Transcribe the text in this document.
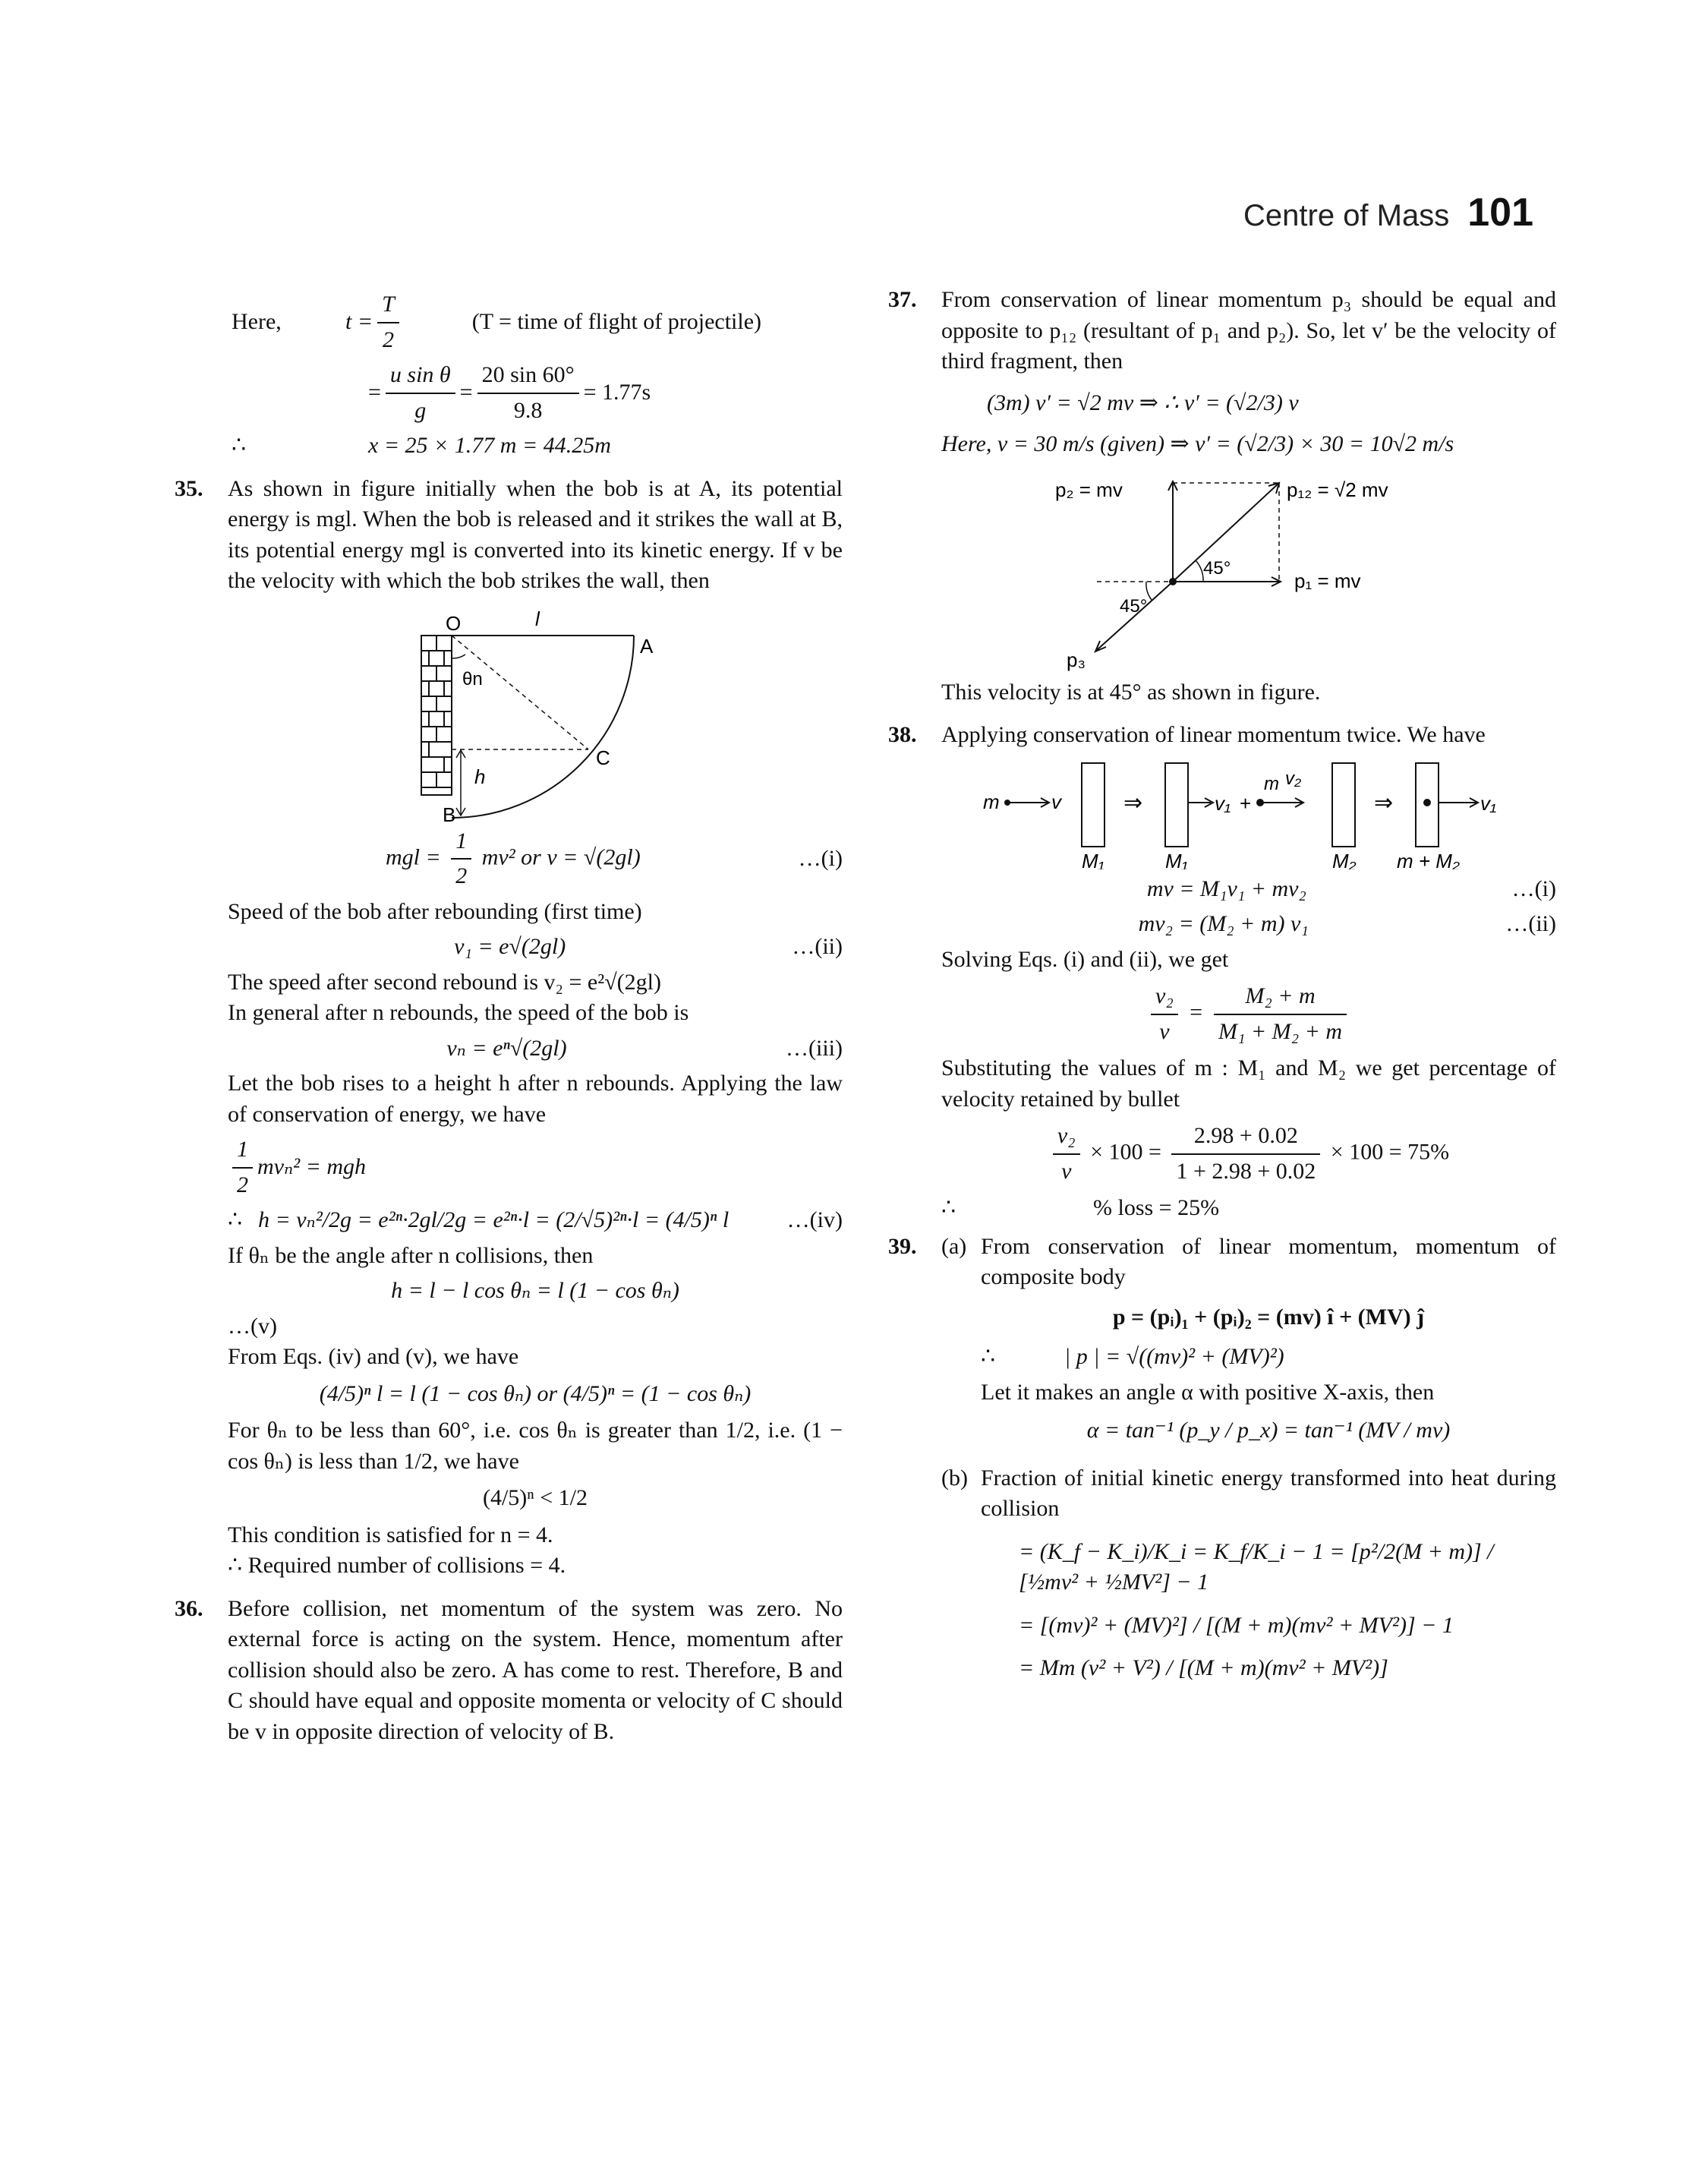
Centre of Mass 101
Here,	$t = \frac{T}{2}$	(T = time of flight of projectile)
= $\frac{\text{u sin θ}}{g} = \frac{20 \sin 60^\circ}{9.8} = 1.77s$
∴	x = 25 × 1.77 m = 44.25m
35. As shown in figure initially when the bob is at A, its potential energy is mgl. When the bob is released and it strikes the wall at B, its potential energy mgl is converted into its kinetic energy. If v be the velocity with which the bob strikes the wall, then

O	l
A
θn
C
h
B
mgl = $\frac{1}{2} mv^2$ or v = √(2gl)	…(i)

Speed of the bob after rebounding (first time)

v₁ = e√(2gl)	…(ii)

The speed after second rebound is v₂ = e²√(2gl)

In general after n rebounds, the speed of the bob is

vₙ = eⁿ√(2gl)	…(iii)

Let the bob rises to a height h after n rebounds. Applying the law of conservation of energy, we have

$\frac{1}{2} mv_n^2$ = mgh
∴ h = vₙ²/2g = e²ⁿ·2gl/2g = e²ⁿ·l = (2/√5)²ⁿ·l = (4/5)ⁿ l	…(iv)

If θₙ be the angle after n collisions, then

h = l − l cos θₙ = l (1 − cos θₙ)
…(v)

From Eqs. (iv) and (v), we have

(4/5)ⁿ l = l (1 − cos θₙ) or (4/5)ⁿ = (1 − cos θₙ)

For θₙ to be less than 60°, i.e. cos θₙ is greater than 1/2, i.e. (1 − cos θₙ) is less than 1/2, we have

(4/5)ⁿ < 1/2

This condition is satisfied for n = 4.

∴ Required number of collisions = 4.

36. Before collision, net momentum of the system was zero. No external force is acting on the system. Hence, momentum after collision should also be zero. A has come to rest. Therefore, B and C should have equal and opposite momenta or velocity of C should be v in opposite direction of velocity of B.

37. From conservation of linear momentum p₃ should be equal and opposite to p₁₂ (resultant of p₁ and p₂). So, let v′ be the velocity of third fragment, then

(3m) v′ = √2 mv ⇒ ∴ v′ = (√2/3) v
Here, v = 30 m/s (given) ⇒ v′ = (√2/3) × 30 = 10√2 m/s
p₂ = mv	p₁₂ = √2 mv
p₁ = mv
45°
45°
p₃

This velocity is at 45° as shown in figure.

38. Applying conservation of linear momentum twice. We have

m	v	⇒	v₁ +
m v₂
⇒	v₁
M₁	M₁	M₂ m + M₂
mv = M₁v₁ + mv₂	…(i)
mv₂ = (M₂ + m) v₁	…(ii)

Solving Eqs. (i) and (ii), we get

$\frac{\text{v₂}}{v} = \frac{\text{M₂ + m}}{\text{M₁ + M₂ + m}}$

Substituting the values of m : M₁ and M₂ we get percentage of velocity retained by bullet

$\frac{\text{v₂}}{v} \times 100 = \frac{2.98 + 0.02}{1 + 2.98 + 0.02} \times 100 = 75\%$
∴	% loss = 25%
39. (a) From conservation of linear momentum, momentum of composite body

p = (pᵢ)₁ + (pᵢ)₂ = (mv) î + (MV) ĵ
∴	| p | = √((mv)² + (MV)²)

Let it makes an angle α with positive X-axis, then

α = tan⁻¹ (p_y / p_x) = tan⁻¹ (MV / mv)
(b) Fraction of initial kinetic energy transformed into heat during collision

= (K_f − K_i)/K_i = K_f/K_i − 1 = [p²/2(M + m)] / [½mv² + ½MV²] − 1
= [(mv)² + (MV)²] / [(M + m)(mv² + MV²)] − 1
= Mm (v² + V²) / [(M + m)(mv² + MV²)]
